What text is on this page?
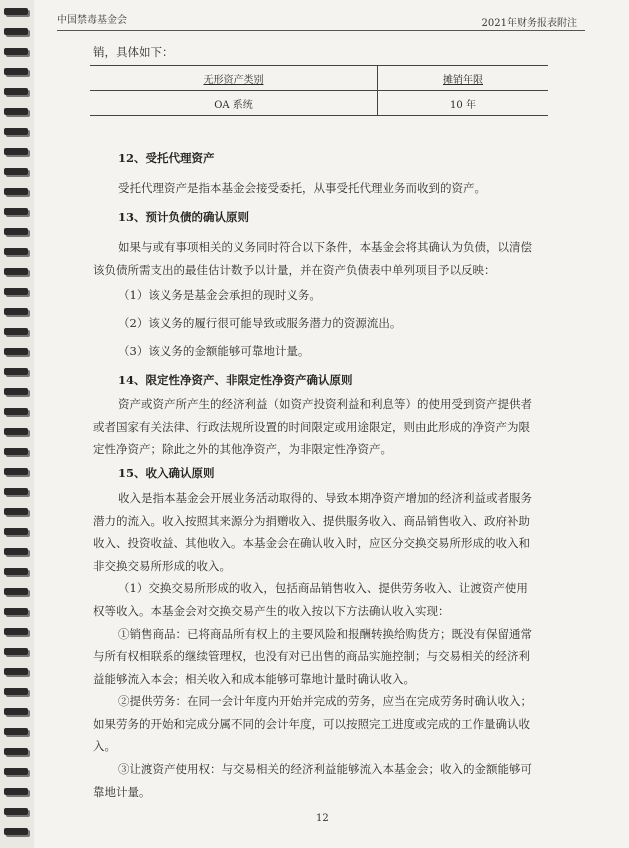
中国禁毒基金会	2021年财务报表附注
销，具体如下：
无形资产类别	摊销年限
OA 系统	10 年
12、受托代理资产
受托代理资产是指本基金会接受委托，从事受托代理业务而收到的资产。
13、预计负债的确认原则
如果与或有事项相关的义务同时符合以下条件，本基金会将其确认为负债，以清偿
该负债所需支出的最佳估计数予以计量，并在资产负债表中单列项目予以反映：
（1）该义务是基金会承担的现时义务。
（2）该义务的履行很可能导致或服务潜力的资源流出。
（3）该义务的金额能够可靠地计量。
14、限定性净资产、非限定性净资产确认原则
资产或资产所产生的经济利益（如资产投资利益和利息等）的使用受到资产提供者
或者国家有关法律、行政法规所设置的时间限定或用途限定，则由此形成的净资产为限
定性净资产；除此之外的其他净资产，为非限定性净资产。
15、收入确认原则
收入是指本基金会开展业务活动取得的、导致本期净资产增加的经济利益或者服务
潜力的流入。收入按照其来源分为捐赠收入、提供服务收入、商品销售收入、政府补助
收入、投资收益、其他收入。本基金会在确认收入时，应区分交换交易所形成的收入和
非交换交易所形成的收入。
（1）交换交易所形成的收入，包括商品销售收入、提供劳务收入、让渡资产使用
权等收入。本基金会对交换交易产生的收入按以下方法确认收入实现：
①销售商品：已将商品所有权上的主要风险和报酬转换给购货方；既没有保留通常
与所有权相联系的继续管理权，也没有对已出售的商品实施控制；与交易相关的经济利
益能够流入本会；相关收入和成本能够可靠地计量时确认收入。
②提供劳务：在同一会计年度内开始并完成的劳务，应当在完成劳务时确认收入；
如果劳务的开始和完成分属不同的会计年度，可以按照完工进度或完成的工作量确认收
入。
③让渡资产使用权：与交易相关的经济利益能够流入本基金会；收入的金额能够可
靠地计量。
12
